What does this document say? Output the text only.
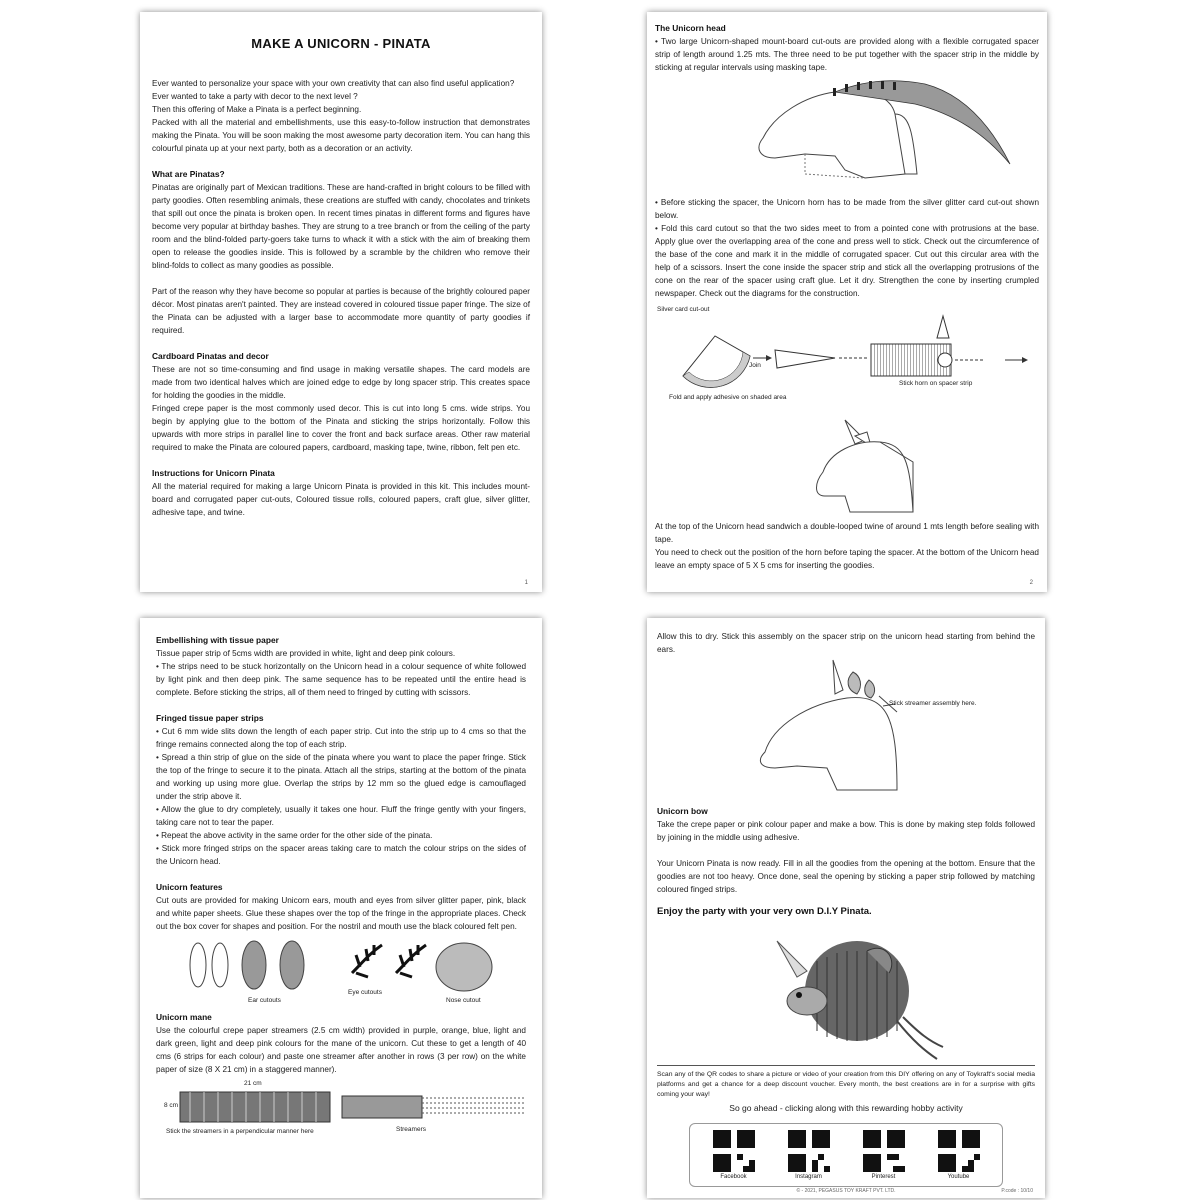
MAKE A UNICORN - PINATA

Ever wanted to personalize your space with your own creativity that can also find useful application?

Ever wanted to take a party with decor to the next level ?

Then this offering of Make a Pinata is a perfect beginning.

Packed with all the material and embellishments, use this easy-to-follow instruction that demonstrates making the Pinata. You will be soon making the most awesome party decoration item. You can hang this colourful pinata up at your next party, both as a decoration or an activity.

What are Pinatas?

Pinatas are originally part of Mexican traditions. These are hand-crafted in bright colours to be filled with party goodies. Often resembling animals, these creations are stuffed with candy, chocolates and trinkets that spill out once the pinata is broken open. In recent times pinatas in different forms and figures have become very popular at birthday bashes. They are strung to a tree branch or from the ceiling of the party room and the blind-folded party-goers take turns to whack it with a stick with the aim of breaking them open to release the goodies inside. This is followed by a scramble by the children who remove their blind-folds to collect as many goodies as possible.

Part of the reason why they have become so popular at parties is because of the brightly coloured paper décor. Most pinatas aren't painted. They are instead covered in coloured tissue paper fringe. The size of the Pinata can be adjusted with a larger base to accommodate more quantity of party goodies if required.

Cardboard Pinatas and decor

These are not so time-consuming and find usage in making versatile shapes. The card models are made from two identical halves which are joined edge to edge by long spacer strip. This creates space for holding the goodies in the middle.

Fringed crepe paper is the most commonly used decor. This is cut into long 5 cms. wide strips. You begin by applying glue to the bottom of the Pinata and sticking the strips horizontally. Follow this upwards with more strips in parallel line to cover the front and back surface areas. Other raw material required to make the Pinata are coloured papers, cardboard, masking tape, twine, ribbon, felt pen etc.

Instructions for Unicorn Pinata

All the material required for making a large Unicorn Pinata is provided in this kit. This includes mount-board and corrugated paper cut-outs, Coloured tissue rolls, coloured papers, craft glue, silver glitter, adhesive tape, and twine.

1
The Unicorn head

• Two large Unicorn-shaped mount-board cut-outs are provided along with a flexible corrugated spacer strip of length around 1.25 mts. The three need to be put together with the spacer strip in the middle by sticking at regular intervals using masking tape.

• Before sticking the spacer, the Unicorn horn has to be made from the silver glitter card cut-out shown below.

• Fold this card cutout so that the two sides meet to from a pointed cone with protrusions at the base. Apply glue over the overlapping area of the cone and press well to stick. Check out the circumference of the base of the cone and mark it in the middle of corrugated spacer. Cut out this circular area with the help of a scissors. Insert the cone inside the spacer strip and stick all the overlapping protrusions of the cone on the rear of the spacer using craft glue. Let it dry. Strengthen the cone by inserting crumpled newspaper. Check out the diagrams for the construction.

Silver card cut-out
Join
Stick horn on spacer strip
Fold and apply adhesive on shaded area

At the top of the Unicorn head sandwich a double-looped twine of around 1 mts length before sealing with tape.

You need to check out the position of the horn before taping the spacer. At the bottom of the Unicorn head leave an empty space of 5 X 5 cms for inserting the goodies.

2
Embellishing with tissue paper

Tissue paper strip of 5cms width are provided in white, light and deep pink colours.

• The strips need to be stuck horizontally on the Unicorn head in a colour sequence of white followed by light pink and then deep pink. The same sequence has to be repeated until the entire head is complete. Before sticking the strips, all of them need to fringed by cutting with scissors.

Fringed tissue paper strips

• Cut 6 mm wide slits down the length of each paper strip. Cut into the strip up to 4 cms so that the fringe remains connected along the top of each strip.

• Spread a thin strip of glue on the side of the pinata where you want to place the paper fringe. Stick the top of the fringe to secure it to the pinata. Attach all the strips, starting at the bottom of the pinata and working up using more glue. Overlap the strips by 12 mm so the glued edge is camouflaged under the strip above it.

• Allow the glue to dry completely, usually it takes one hour. Fluff the fringe gently with your fingers, taking care not to tear the paper.

• Repeat the above activity in the same order for the other side of the pinata.

• Stick more fringed strips on the spacer areas taking care to match the colour strips on the sides of the Unicorn head.

Unicorn features

Cut outs are provided for making Unicorn ears, mouth and eyes from silver glitter paper, pink, black and white paper sheets. Glue these shapes over the top of the fringe in the appropriate places. Check out the box cover for shapes and position. For the nostril and mouth use the black coloured felt pen.

Ear cutouts
Eye cutouts
Nose cutout
Unicorn mane

Use the colourful crepe paper streamers (2.5 cm width) provided in purple, orange, blue, light and dark green, light and deep pink colours for the mane of the unicorn. Cut these to get a length of 40 cms (6 strips for each colour) and paste one streamer after another in rows (3 per row) on the white paper of size (8 X 21 cm) in a staggered manner).

21 cm
8 cm
Stick the streamers in a perpendicular manner here	Streamers

Allow this to dry. Stick this assembly on the spacer strip on the unicorn head starting from behind the ears.

Stick streamer assembly here.
Unicorn bow

Take the crepe paper or pink colour paper and make a bow. This is done by making step folds followed by joining in the middle using adhesive.

Your Unicorn Pinata is now ready. Fill in all the goodies from the opening at the bottom. Ensure that the goodies are not too heavy. Once done, seal the opening by sticking a paper strip followed by matching coloured finged strips.

Enjoy the party with your very own D.I.Y Pinata.

Scan any of the QR codes to share a picture or video of your creation from this DIY offering on any of Toykraft's social media platforms and get a chance for a deep discount voucher. Every month, the best creations are in for a surprise with gifts coming your way!

So go ahead - clicking along with this rewarding hobby activity
Facebook	Instagram	Pinterest	Youtube
© - 2021, PEGASUS TOY KRAFT PVT. LTD.	P.code : 10/10
